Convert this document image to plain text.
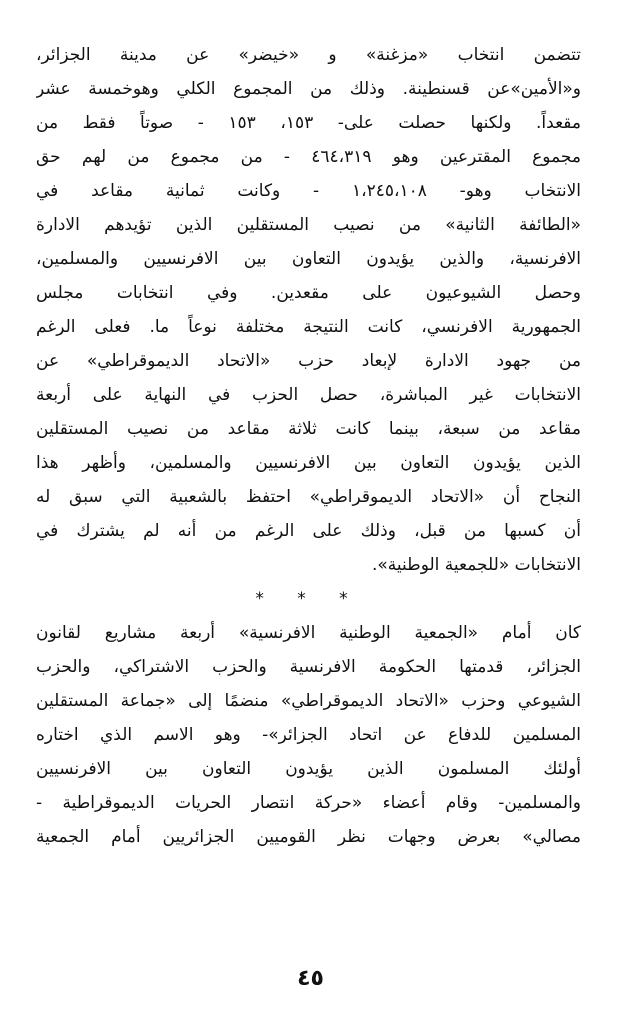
تتضمن انتخاب «مزغنة» و «خيضر» عن مدينة الجزائر،
و«الأمين»عن قسنطينة. وذلك من المجموع الكلي وهوخمسة عشر
مقعداً. ولكنها حصلت على- ١٥٣، ١٥٣ - صوتاً فقط من
مجموع المقترعين وهو ٤٦٤،٣١٩ - من مجموع من لهم حق
الانتخاب وهو- ١،٢٤٥،١٠٨ - وكانت ثمانية مقاعد في
«الطائفة الثانية» من نصيب المستقلين الذين تؤيدهم الادارة
الافرنسية، والذين يؤيدون التعاون بين الافرنسيين والمسلمين،
وحصل الشيوعيون على مقعدين. وفي انتخابات مجلس
الجمهورية الافرنسي، كانت النتيجة مختلفة نوعاً ما. فعلى الرغم
من جهود الادارة لإبعاد حزب «الاتحاد الديموقراطي» عن
الانتخابات غير المباشرة، حصل الحزب في النهاية على أربعة
مقاعد من سبعة، بينما كانت ثلاثة مقاعد من نصيب المستقلين
الذين يؤيدون التعاون بين الافرنسيين والمسلمين، وأظهر هذا
النجاح أن «الاتحاد الديموقراطي» احتفظ بالشعبية التي سبق له
أن كسبها من قبل، وذلك على الرغم من أنه لم يشترك في
الانتخابات «للجمعية الوطنية».
* * *
كان أمام «الجمعية الوطنية الافرنسية» أربعة مشاريع لقانون
الجزائر، قدمتها الحكومة الافرنسية والحزب الاشتراكي، والحزب
الشيوعي وحزب «الاتحاد الديموقراطي» منضمًا إلى «جماعة المستقلين
المسلمين للدفاع عن اتحاد الجزائر»- وهو الاسم الذي اختاره
أولئك المسلمون الذين يؤيدون التعاون بين الافرنسيين
والمسلمين- وقام أعضاء «حركة انتصار الحريات الديموقراطية -
مصالي» بعرض وجهات نظر القوميين الجزائريين أمام الجمعية
٤٥
